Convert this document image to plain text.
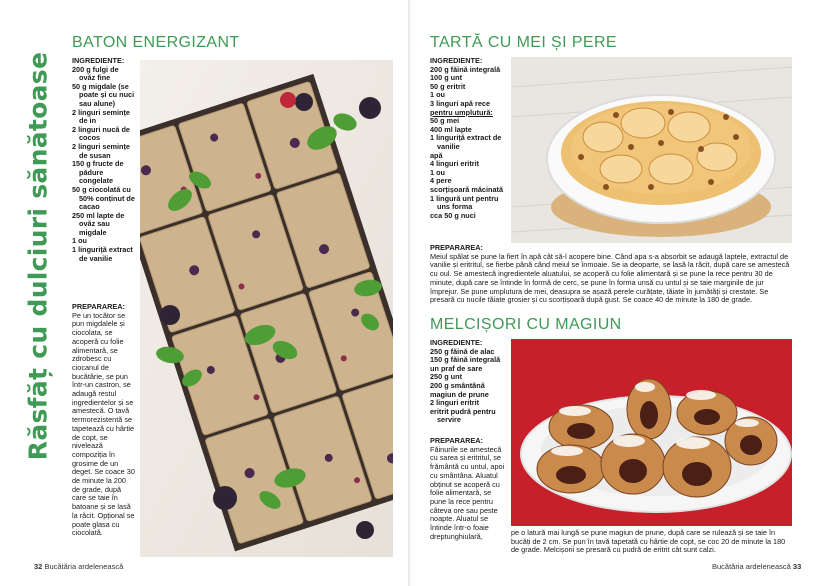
Răsfăț cu dulciuri sănătoase
BATON ENERGIZANT
INGREDIENTE:
200 g fulgi de ovăz fine
50 g migdale (se poate și cu nuci sau alune)
2 linguri semințe de in
2 linguri nucă de cocos
2 linguri semințe de susan
150 g fructe de pădure congelate
50 g ciocolată cu 50% conținut de cacao
250 ml lapte de ovăz sau migdale
1 ou
1 linguriță extract de vanilie
PREPARAREA:

Pe un tocător se pun migdalele și ciocolata, se acoperă cu folie alimentară, se zdrobesc cu ciocanul de bucătărie, se pun într-un castron, se adaugă restul ingredientelor și se amestecă. O tavă termorezistentă se tapetează cu hârtie de copt, se nivelează compoziția în grosime de un deget. Se coace 30 de minute la 200 de grade, după care se taie în batoane și se lasă la răcit. Opțional se poate glasa cu ciocolată.

TARTĂ CU MEI ȘI PERE
INGREDIENTE:
200 g făină integrală
100 g unt
50 g eritrit
1 ou
3 linguri apă rece
pentru umplutură:
50 g mei
400 ml lapte
1 linguriță extract de vanilie
apă
4 linguri eritrit
1 ou
4 pere
scorțișoară măcinată
1 lingură unt pentru uns forma
cca 50 g nuci
PREPARAREA:

Meiul spălat se pune la fiert în apă cât să-l acopere bine. Când apa s-a absorbit se adaugă laptele, extractul de vanilie și eritritul, se fierbe până când meiul se înmoaie. Se ia deoparte, se lasă la răcit, după care se amestecă cu oul. Se amestecă ingredientele aluatului, se acoperă cu folie alimentară și se pune la rece pentru 30 de minute, după care se întinde în formă de cerc, se pune în forma unsă cu untul și se taie marginile de jur împrejur. Se pune umplutura de mei, deasupra se așază perele curățate, tăiate în jumătăți și crestate. Se presară cu nucile tăiate grosier și cu scorțișoară după gust. Se coace 40 de minute la 180 de grade.

MELCIȘORI CU MAGIUN
INGREDIENTE:
250 g făină de alac
150 g făină integrală
un praf de sare
250 g unt
200 g smântână
magiun de prune
2 linguri eritrit
eritrit pudră pentru servire
PREPARAREA:

Făinurile se amestecă cu sarea și eritritul, se frământă cu untul, apoi cu smântâna. Aluatul obținut se acoperă cu folie alimentară, se pune la rece pentru câteva ore sau peste noapte. Aluatul se întinde într-o foaie dreptunghiulară,	pe o latură mai lungă se pune magiun de prune, după care se rulează și se taie în bucăți de 2 cm. Se pun în tavă tapetată cu hârtie de copt, se coc 20 de minute la 180 de grade. Melcișorii se presară cu pudră de eritrit cât sunt calzi.

32 Bucătăria ardelenească	Bucătăria ardelenească 33
